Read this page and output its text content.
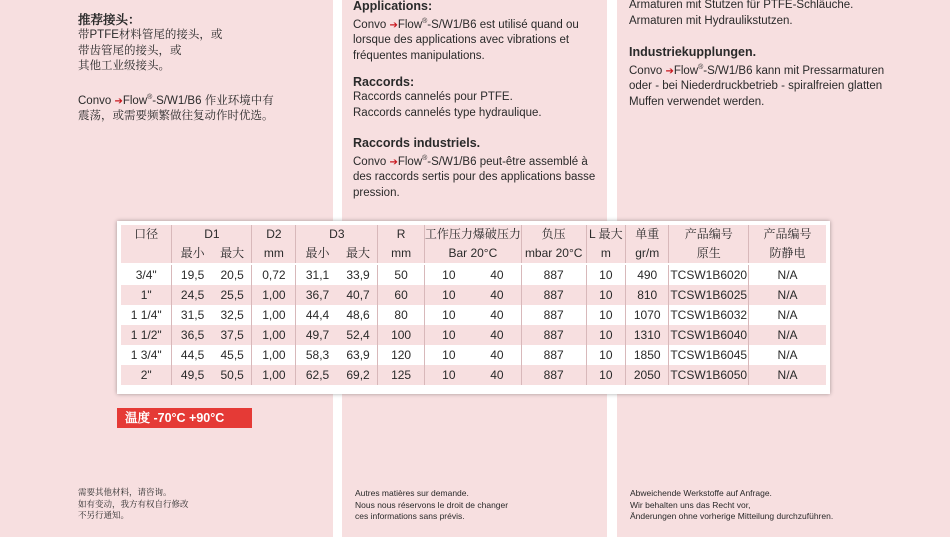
推荐接头：
带PTFE材料管尾的接头，或
带齿管尾的接头，或
其他工业级接头。
Convo ➔Flow®-S/W1/B6 作业环境中有
震荡，或需要频繁做往复动作时优选。
需要其他材料，请咨询。
如有变动，我方有权自行修改
不另行通知。
Applications:
Convo ➔Flow®-S/W1/B6 est utilisé quand ou
lorsque des applications avec vibrations et
fréquentes manipulations.
Raccords:
Raccords cannelés pour PTFE.
Raccords cannelés type hydraulique.
Raccords industriels.
Convo ➔Flow®-S/W1/B6 peut-être assemblé à
des raccords sertis pour des applications basse
pression.
Autres matières sur demande.
Nous nous réservons le droit de changer
ces informations sans prévis.
Armaturen mit Stutzen für PTFE-Schläuche.
Armaturen mit Hydraulikstutzen.
Industriekupplungen.
Convo ➔Flow®-S/W1/B6 kann mit Pressarmaturen
oder - bei Niederdruckbetrieb - spiralfreien glatten
Muffen verwendet werden.
Abweichende Werkstoffe auf Anfrage.
Wir behalten uns das Recht vor,
Änderungen ohne vorherige Mitteilung durchzuführen.
口径	D1		D2	D3		R	工作压力	爆破压力	负压	L 最大	单重	产品编号	产品编号
	最小	最大	mm	最小	最大	mm	Bar 20°C		mbar 20°C	m	gr/m	原生	防静电
3/4"	19,5	20,5	0,72	31,1	33,9	50	10	40	887	10	490	TCSW1B6020	N/A
1"	24,5	25,5	1,00	36,7	40,7	60	10	40	887	10	810	TCSW1B6025	N/A
1 1/4"	31,5	32,5	1,00	44,4	48,6	80	10	40	887	10	1070	TCSW1B6032	N/A
1 1/2"	36,5	37,5	1,00	49,7	52,4	100	10	40	887	10	1310	TCSW1B6040	N/A
1 3/4"	44,5	45,5	1,00	58,3	63,9	120	10	40	887	10	1850	TCSW1B6045	N/A
2"	49,5	50,5	1,00	62,5	69,2	125	10	40	887	10	2050	TCSW1B6050	N/A
温度 -70°C +90°C
